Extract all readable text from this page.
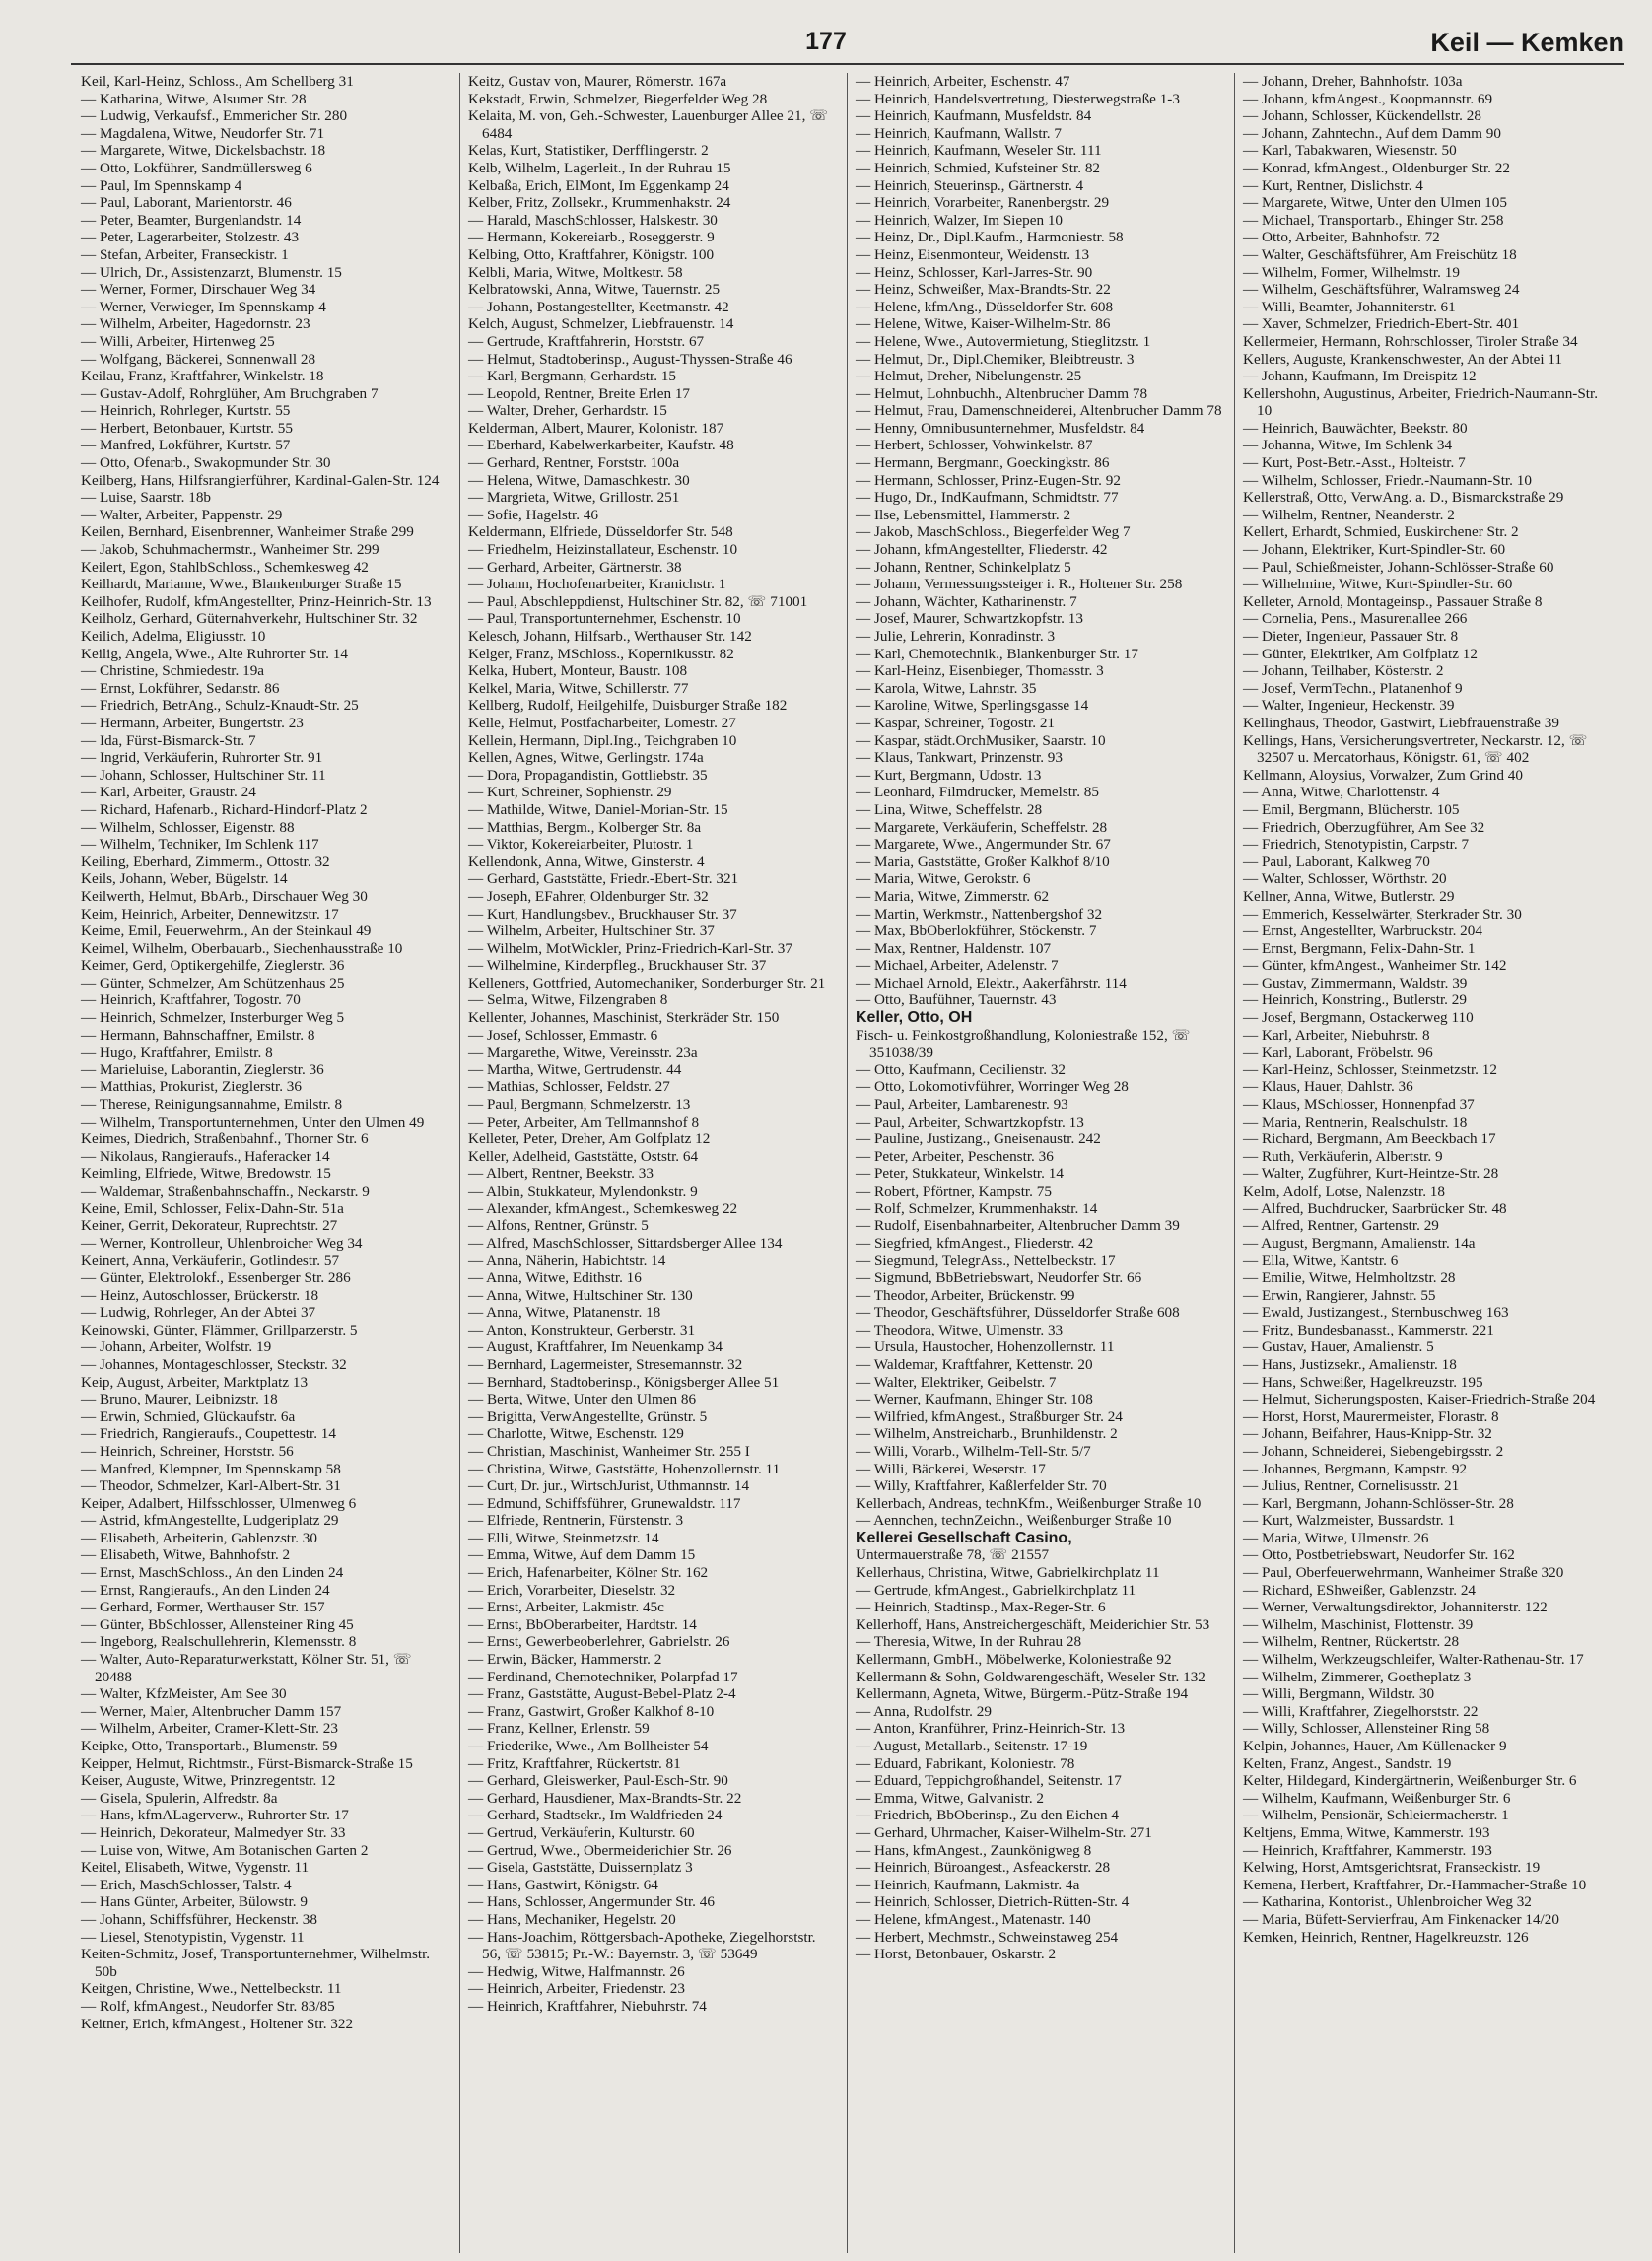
177	Keil — Kemken

Keil, Karl-Heinz, Schloss., Am Schellberg 31

— Katharina, Witwe, Alsumer Str. 28

— Ludwig, Verkaufsf., Emmericher Str. 280

— Magdalena, Witwe, Neudorfer Str. 71

— Margarete, Witwe, Dickelsbachstr. 18

— Otto, Lokführer, Sandmüllersweg 6

— Paul, Im Spennskamp 4

— Paul, Laborant, Marientorstr. 46

— Peter, Beamter, Burgenlandstr. 14

— Peter, Lagerarbeiter, Stolzestr. 43

— Stefan, Arbeiter, Franseckistr. 1

— Ulrich, Dr., Assistenzarzt, Blumenstr. 15

— Werner, Former, Dirschauer Weg 34

— Werner, Verwieger, Im Spennskamp 4

— Wilhelm, Arbeiter, Hagedornstr. 23

— Willi, Arbeiter, Hirtenweg 25

— Wolfgang, Bäckerei, Sonnenwall 28

Keilau, Franz, Kraftfahrer, Winkelstr. 18

— Gustav-Adolf, Rohrglüher, Am Bruchgraben 7

— Heinrich, Rohrleger, Kurtstr. 55

— Herbert, Betonbauer, Kurtstr. 55

— Manfred, Lokführer, Kurtstr. 57

— Otto, Ofenarb., Swakopmunder Str. 30

Keilberg, Hans, Hilfsrangierführer, Kardinal-Galen-Str. 124

— Luise, Saarstr. 18b

— Walter, Arbeiter, Pappenstr. 29

Keilen, Bernhard, Eisenbrenner, Wanheimer Straße 299

— Jakob, Schuhmachermstr., Wanheimer Str. 299

Keilert, Egon, StahlbSchloss., Schemkesweg 42

Keilhardt, Marianne, Wwe., Blankenburger Straße 15

Keilhofer, Rudolf, kfmAngestellter, Prinz-Heinrich-Str. 13

Keilholz, Gerhard, Güternahverkehr, Hultschiner Str. 32

Keilich, Adelma, Eligiusstr. 10

Keilig, Angela, Wwe., Alte Ruhrorter Str. 14

— Christine, Schmiedestr. 19a

— Ernst, Lokführer, Sedanstr. 86

— Friedrich, BetrAng., Schulz-Knaudt-Str. 25

— Hermann, Arbeiter, Bungertstr. 23

— Ida, Fürst-Bismarck-Str. 7

— Ingrid, Verkäuferin, Ruhrorter Str. 91

— Johann, Schlosser, Hultschiner Str. 11

— Karl, Arbeiter, Graustr. 24

— Richard, Hafenarb., Richard-Hindorf-Platz 2

— Wilhelm, Schlosser, Eigenstr. 88

— Wilhelm, Techniker, Im Schlenk 117

Keiling, Eberhard, Zimmerm., Ottostr. 32

Keils, Johann, Weber, Bügelstr. 14

Keilwerth, Helmut, BbArb., Dirschauer Weg 30

Keim, Heinrich, Arbeiter, Dennewitzstr. 17

Keime, Emil, Feuerwehrm., An der Steinkaul 49

Keimel, Wilhelm, Oberbauarb., Siechenhausstraße 10

Keimer, Gerd, Optikergehilfe, Zieglerstr. 36

— Günter, Schmelzer, Am Schützenhaus 25

— Heinrich, Kraftfahrer, Togostr. 70

— Heinrich, Schmelzer, Insterburger Weg 5

— Hermann, Bahnschaffner, Emilstr. 8

— Hugo, Kraftfahrer, Emilstr. 8

— Marieluise, Laborantin, Zieglerstr. 36

— Matthias, Prokurist, Zieglerstr. 36

— Therese, Reinigungsannahme, Emilstr. 8

— Wilhelm, Transportunternehmen, Unter den Ulmen 49

Keimes, Diedrich, Straßenbahnf., Thorner Str. 6

— Nikolaus, Rangieraufs., Haferacker 14

Keimling, Elfriede, Witwe, Bredowstr. 15

— Waldemar, Straßenbahnschaffn., Neckarstr. 9

Keine, Emil, Schlosser, Felix-Dahn-Str. 51a

Keiner, Gerrit, Dekorateur, Ruprechtstr. 27

— Werner, Kontrolleur, Uhlenbroicher Weg 34

Keinert, Anna, Verkäuferin, Gotlindestr. 57

— Günter, Elektrolokf., Essenberger Str. 286

— Heinz, Autoschlosser, Brückerstr. 18

— Ludwig, Rohrleger, An der Abtei 37

Keinowski, Günter, Flämmer, Grillparzerstr. 5

— Johann, Arbeiter, Wolfstr. 19

— Johannes, Montageschlosser, Steckstr. 32

Keip, August, Arbeiter, Marktplatz 13

— Bruno, Maurer, Leibnizstr. 18

— Erwin, Schmied, Glückaufstr. 6a

— Friedrich, Rangieraufs., Coupettestr. 14

— Heinrich, Schreiner, Horststr. 56

— Manfred, Klempner, Im Spennskamp 58

— Theodor, Schmelzer, Karl-Albert-Str. 31

Keiper, Adalbert, Hilfsschlosser, Ulmenweg 6

— Astrid, kfmAngestellte, Ludgeriplatz 29

— Elisabeth, Arbeiterin, Gablenzstr. 30

— Elisabeth, Witwe, Bahnhofstr. 2

— Ernst, MaschSchloss., An den Linden 24

— Ernst, Rangieraufs., An den Linden 24

— Gerhard, Former, Werthauser Str. 157

— Günter, BbSchlosser, Allensteiner Ring 45

— Ingeborg, Realschullehrerin, Klemensstr. 8

— Walter, Auto-Reparaturwerkstatt, Kölner Str. 51, ☏ 20488

— Walter, KfzMeister, Am See 30

— Werner, Maler, Altenbrucher Damm 157

— Wilhelm, Arbeiter, Cramer-Klett-Str. 23

Keipke, Otto, Transportarb., Blumenstr. 59

Keipper, Helmut, Richtmstr., Fürst-Bismarck-Straße 15

Keiser, Auguste, Witwe, Prinzregentstr. 12

— Gisela, Spulerin, Alfredstr. 8a

— Hans, kfmALagerverw., Ruhrorter Str. 17

— Heinrich, Dekorateur, Malmedyer Str. 33

— Luise von, Witwe, Am Botanischen Garten 2

Keitel, Elisabeth, Witwe, Vygenstr. 11

— Erich, MaschSchlosser, Talstr. 4

— Hans Günter, Arbeiter, Bülowstr. 9

— Johann, Schiffsführer, Heckenstr. 38

— Liesel, Stenotypistin, Vygenstr. 11

Keiten-Schmitz, Josef, Transportunternehmer, Wilhelmstr. 50b

Keitgen, Christine, Wwe., Nettelbeckstr. 11

— Rolf, kfmAngest., Neudorfer Str. 83/85

Keitner, Erich, kfmAngest., Holtener Str. 322

Keitz, Gustav von, Maurer, Römerstr. 167a

Kekstadt, Erwin, Schmelzer, Biegerfelder Weg 28

Kelaita, M. von, Geh.-Schwester, Lauenburger Allee 21, ☏ 6484

Kelas, Kurt, Statistiker, Derfflingerstr. 2

Kelb, Wilhelm, Lagerleit., In der Ruhrau 15

Kelbaßa, Erich, ElMont, Im Eggenkamp 24

Kelber, Fritz, Zollsekr., Krummenhakstr. 24

— Harald, MaschSchlosser, Halskestr. 30

— Hermann, Kokereiarb., Roseggerstr. 9

Kelbing, Otto, Kraftfahrer, Königstr. 100

Kelbli, Maria, Witwe, Moltkestr. 58

Kelbratowski, Anna, Witwe, Tauernstr. 25

— Johann, Postangestellter, Keetmanstr. 42

Kelch, August, Schmelzer, Liebfrauenstr. 14

— Gertrude, Kraftfahrerin, Horststr. 67

— Helmut, Stadtoberinsp., August-Thyssen-Straße 46

— Karl, Bergmann, Gerhardstr. 15

— Leopold, Rentner, Breite Erlen 17

— Walter, Dreher, Gerhardstr. 15

Kelderman, Albert, Maurer, Kolonistr. 187

— Eberhard, Kabelwerkarbeiter, Kaufstr. 48

— Gerhard, Rentner, Forststr. 100a

— Helena, Witwe, Damaschkestr. 30

— Margrieta, Witwe, Grillostr. 251

— Sofie, Hagelstr. 46

Keldermann, Elfriede, Düsseldorfer Str. 548

— Friedhelm, Heizinstallateur, Eschenstr. 10

— Gerhard, Arbeiter, Gärtnerstr. 38

— Johann, Hochofenarbeiter, Kranichstr. 1

— Paul, Abschleppdienst, Hultschiner Str. 82, ☏ 71001

— Paul, Transportunternehmer, Eschenstr. 10

Kelesch, Johann, Hilfsarb., Werthauser Str. 142

Kelger, Franz, MSchloss., Kopernikusstr. 82

Kelka, Hubert, Monteur, Baustr. 108

Kelkel, Maria, Witwe, Schillerstr. 77

Kellberg, Rudolf, Heilgehilfe, Duisburger Straße 182

Kelle, Helmut, Postfacharbeiter, Lomestr. 27

Kellein, Hermann, Dipl.Ing., Teichgraben 10

Kellen, Agnes, Witwe, Gerlingstr. 174a

— Dora, Propagandistin, Gottliebstr. 35

— Kurt, Schreiner, Sophienstr. 29

— Mathilde, Witwe, Daniel-Morian-Str. 15

— Matthias, Bergm., Kolberger Str. 8a

— Viktor, Kokereiarbeiter, Plutostr. 1

Kellendonk, Anna, Witwe, Ginsterstr. 4

— Gerhard, Gaststätte, Friedr.-Ebert-Str. 321

— Joseph, EFahrer, Oldenburger Str. 32

— Kurt, Handlungsbev., Bruckhauser Str. 37

— Wilhelm, Arbeiter, Hultschiner Str. 37

— Wilhelm, MotWickler, Prinz-Friedrich-Karl-Str. 37

— Wilhelmine, Kinderpfleg., Bruckhauser Str. 37

Kelleners, Gottfried, Automechaniker, Sonderburger Str. 21

— Selma, Witwe, Filzengraben 8

Kellenter, Johannes, Maschinist, Sterkräder Str. 150

— Josef, Schlosser, Emmastr. 6

— Margarethe, Witwe, Vereinsstr. 23a

— Martha, Witwe, Gertrudenstr. 44

— Mathias, Schlosser, Feldstr. 27

— Paul, Bergmann, Schmelzerstr. 13

— Peter, Arbeiter, Am Tellmannshof 8

Kelleter, Peter, Dreher, Am Golfplatz 12

Keller, Adelheid, Gaststätte, Oststr. 64

— Albert, Rentner, Beekstr. 33

— Albin, Stukkateur, Mylendonkstr. 9

— Alexander, kfmAngest., Schemkesweg 22

— Alfons, Rentner, Grünstr. 5

— Alfred, MaschSchlosser, Sittardsberger Allee 134

— Anna, Näherin, Habichtstr. 14

— Anna, Witwe, Edithstr. 16

— Anna, Witwe, Hultschiner Str. 130

— Anna, Witwe, Platanenstr. 18

— Anton, Konstrukteur, Gerberstr. 31

— August, Kraftfahrer, Im Neuenkamp 34

— Bernhard, Lagermeister, Stresemannstr. 32

— Bernhard, Stadtoberinsp., Königsberger Allee 51

— Berta, Witwe, Unter den Ulmen 86

— Brigitta, VerwAngestellte, Grünstr. 5

— Charlotte, Witwe, Eschenstr. 129

— Christian, Maschinist, Wanheimer Str. 255 I

— Christina, Witwe, Gaststätte, Hohenzollernstr. 11

— Curt, Dr. jur., WirtschJurist, Uthmannstr. 14

— Edmund, Schiffsführer, Grunewaldstr. 117

— Elfriede, Rentnerin, Fürstenstr. 3

— Elli, Witwe, Steinmetzstr. 14

— Emma, Witwe, Auf dem Damm 15

— Erich, Hafenarbeiter, Kölner Str. 162

— Erich, Vorarbeiter, Dieselstr. 32

— Ernst, Arbeiter, Lakmistr. 45c

— Ernst, BbOberarbeiter, Hardtstr. 14

— Ernst, Gewerbeoberlehrer, Gabrielstr. 26

— Erwin, Bäcker, Hammerstr. 2

— Ferdinand, Chemotechniker, Polarpfad 17

— Franz, Gaststätte, August-Bebel-Platz 2-4

— Franz, Gastwirt, Großer Kalkhof 8-10

— Franz, Kellner, Erlenstr. 59

— Friederike, Wwe., Am Bollheister 54

— Fritz, Kraftfahrer, Rückertstr. 81

— Gerhard, Gleiswerker, Paul-Esch-Str. 90

— Gerhard, Hausdiener, Max-Brandts-Str. 22

— Gerhard, Stadtsekr., Im Waldfrieden 24

— Gertrud, Verkäuferin, Kulturstr. 60

— Gertrud, Wwe., Obermeiderichier Str. 26

— Gisela, Gaststätte, Duissernplatz 3

— Hans, Gastwirt, Königstr. 64

— Hans, Schlosser, Angermunder Str. 46

— Hans, Mechaniker, Hegelstr. 20

— Hans-Joachim, Röttgersbach-Apotheke, Ziegelhorststr. 56, ☏ 53815; Pr.-W.: Bayernstr. 3, ☏ 53649

— Hedwig, Witwe, Halfmannstr. 26

— Heinrich, Arbeiter, Friedenstr. 23

— Heinrich, Kraftfahrer, Niebuhrstr. 74

— Heinrich, Arbeiter, Eschenstr. 47

— Heinrich, Handelsvertretung, Diesterwegstraße 1-3

— Heinrich, Kaufmann, Musfeldstr. 84

— Heinrich, Kaufmann, Wallstr. 7

— Heinrich, Kaufmann, Weseler Str. 111

— Heinrich, Schmied, Kufsteiner Str. 82

— Heinrich, Steuerinsp., Gärtnerstr. 4

— Heinrich, Vorarbeiter, Ranenbergstr. 29

— Heinrich, Walzer, Im Siepen 10

— Heinz, Dr., Dipl.Kaufm., Harmoniestr. 58

— Heinz, Eisenmonteur, Weidenstr. 13

— Heinz, Schlosser, Karl-Jarres-Str. 90

— Heinz, Schweißer, Max-Brandts-Str. 22

— Helene, kfmAng., Düsseldorfer Str. 608

— Helene, Witwe, Kaiser-Wilhelm-Str. 86

— Helene, Wwe., Autovermietung, Stieglitzstr. 1

— Helmut, Dr., Dipl.Chemiker, Bleibtreustr. 3

— Helmut, Dreher, Nibelungenstr. 25

— Helmut, Lohnbuchh., Altenbrucher Damm 78

— Helmut, Frau, Damenschneiderei, Altenbrucher Damm 78

— Henny, Omnibusunternehmer, Musfeldstr. 84

— Herbert, Schlosser, Vohwinkelstr. 87

— Hermann, Bergmann, Goeckingkstr. 86

— Hermann, Schlosser, Prinz-Eugen-Str. 92

— Hugo, Dr., IndKaufmann, Schmidtstr. 77

— Ilse, Lebensmittel, Hammerstr. 2

— Jakob, MaschSchloss., Biegerfelder Weg 7

— Johann, kfmAngestellter, Fliederstr. 42

— Johann, Rentner, Schinkelplatz 5

— Johann, Vermessungssteiger i. R., Holtener Str. 258

— Johann, Wächter, Katharinenstr. 7

— Josef, Maurer, Schwartzkopfstr. 13

— Julie, Lehrerin, Konradinstr. 3

— Karl, Chemotechnik., Blankenburger Str. 17

— Karl-Heinz, Eisenbieger, Thomasstr. 3

— Karola, Witwe, Lahnstr. 35

— Karoline, Witwe, Sperlingsgasse 14

— Kaspar, Schreiner, Togostr. 21

— Kaspar, städt.OrchMusiker, Saarstr. 10

— Klaus, Tankwart, Prinzenstr. 93

— Kurt, Bergmann, Udostr. 13

— Leonhard, Filmdrucker, Memelstr. 85

— Lina, Witwe, Scheffelstr. 28

— Margarete, Verkäuferin, Scheffelstr. 28

— Margarete, Wwe., Angermunder Str. 67

— Maria, Gaststätte, Großer Kalkhof 8/10

— Maria, Witwe, Gerokstr. 6

— Maria, Witwe, Zimmerstr. 62

— Martin, Werkmstr., Nattenbergshof 32

— Max, BbOberlokführer, Stöckenstr. 7

— Max, Rentner, Haldenstr. 107

— Michael, Arbeiter, Adelenstr. 7

— Michael Arnold, Elektr., Aakerfährstr. 114

— Otto, Baufühner, Tauernstr. 43

Keller, Otto, OH

Fisch- u. Feinkostgroßhandlung, Koloniestraße 152, ☏ 351038/39

— Otto, Kaufmann, Cecilienstr. 32

— Otto, Lokomotivführer, Worringer Weg 28

— Paul, Arbeiter, Lambarenestr. 93

— Paul, Arbeiter, Schwartzkopfstr. 13

— Pauline, Justizang., Gneisenaustr. 242

— Peter, Arbeiter, Peschenstr. 36

— Peter, Stukkateur, Winkelstr. 14

— Robert, Pförtner, Kampstr. 75

— Rolf, Schmelzer, Krummenhakstr. 14

— Rudolf, Eisenbahnarbeiter, Altenbrucher Damm 39

— Siegfried, kfmAngest., Fliederstr. 42

— Siegmund, TelegrAss., Nettelbeckstr. 17

— Sigmund, BbBetriebswart, Neudorfer Str. 66

— Theodor, Arbeiter, Brückenstr. 99

— Theodor, Geschäftsführer, Düsseldorfer Straße 608

— Theodora, Witwe, Ulmenstr. 33

— Ursula, Haustocher, Hohenzollernstr. 11

— Waldemar, Kraftfahrer, Kettenstr. 20

— Walter, Elektriker, Geibelstr. 7

— Werner, Kaufmann, Ehinger Str. 108

— Wilfried, kfmAngest., Straßburger Str. 24

— Wilhelm, Anstreicharb., Brunhildenstr. 2

— Willi, Vorarb., Wilhelm-Tell-Str. 5/7

— Willi, Bäckerei, Weserstr. 17

— Willy, Kraftfahrer, Kaßlerfelder Str. 70

Kellerbach, Andreas, technKfm., Weißenburger Straße 10

— Aennchen, technZeichn., Weißenburger Straße 10

Kellerei Gesellschaft Casino,

Untermauerstraße 78, ☏ 21557

Kellerhaus, Christina, Witwe, Gabrielkirchplatz 11

— Gertrude, kfmAngest., Gabrielkirchplatz 11

— Heinrich, Stadtinsp., Max-Reger-Str. 6

Kellerhoff, Hans, Anstreichergeschäft, Meiderichier Str. 53

— Theresia, Witwe, In der Ruhrau 28

Kellermann, GmbH., Möbelwerke, Koloniestraße 92

Kellermann & Sohn, Goldwarengeschäft, Weseler Str. 132

Kellermann, Agneta, Witwe, Bürgerm.-Pütz-Straße 194

— Anna, Rudolfstr. 29

— Anton, Kranführer, Prinz-Heinrich-Str. 13

— August, Metallarb., Seitenstr. 17-19

— Eduard, Fabrikant, Koloniestr. 78

— Eduard, Teppichgroßhandel, Seitenstr. 17

— Emma, Witwe, Galvanistr. 2

— Friedrich, BbOberinsp., Zu den Eichen 4

— Gerhard, Uhrmacher, Kaiser-Wilhelm-Str. 271

— Hans, kfmAngest., Zaunkönigweg 8

— Heinrich, Büroangest., Asfeackerstr. 28

— Heinrich, Kaufmann, Lakmistr. 4a

— Heinrich, Schlosser, Dietrich-Rütten-Str. 4

— Helene, kfmAngest., Matenastr. 140

— Herbert, Mechmstr., Schweinstaweg 254

— Horst, Betonbauer, Oskarstr. 2

— Johann, Dreher, Bahnhofstr. 103a

— Johann, kfmAngest., Koopmannstr. 69

— Johann, Schlosser, Kückendellstr. 28

— Johann, Zahntechn., Auf dem Damm 90

— Karl, Tabakwaren, Wiesenstr. 50

— Konrad, kfmAngest., Oldenburger Str. 22

— Kurt, Rentner, Dislichstr. 4

— Margarete, Witwe, Unter den Ulmen 105

— Michael, Transportarb., Ehinger Str. 258

— Otto, Arbeiter, Bahnhofstr. 72

— Walter, Geschäftsführer, Am Freischütz 18

— Wilhelm, Former, Wilhelmstr. 19

— Wilhelm, Geschäftsführer, Walramsweg 24

— Willi, Beamter, Johanniterstr. 61

— Xaver, Schmelzer, Friedrich-Ebert-Str. 401

Kellermeier, Hermann, Rohrschlosser, Tiroler Straße 34

Kellers, Auguste, Krankenschwester, An der Abtei 11

— Johann, Kaufmann, Im Dreispitz 12

Kellershohn, Augustinus, Arbeiter, Friedrich-Naumann-Str. 10

— Heinrich, Bauwächter, Beekstr. 80

— Johanna, Witwe, Im Schlenk 34

— Kurt, Post-Betr.-Asst., Holteistr. 7

— Wilhelm, Schlosser, Friedr.-Naumann-Str. 10

Kellerstraß, Otto, VerwAng. a. D., Bismarckstraße 29

— Wilhelm, Rentner, Neanderstr. 2

Kellert, Erhardt, Schmied, Euskirchener Str. 2

— Johann, Elektriker, Kurt-Spindler-Str. 60

— Paul, Schießmeister, Johann-Schlösser-Straße 60

— Wilhelmine, Witwe, Kurt-Spindler-Str. 60

Kelleter, Arnold, Montageinsp., Passauer Straße 8

— Cornelia, Pens., Masurenallee 266

— Dieter, Ingenieur, Passauer Str. 8

— Günter, Elektriker, Am Golfplatz 12

— Johann, Teilhaber, Kösterstr. 2

— Josef, VermTechn., Platanenhof 9

— Walter, Ingenieur, Heckenstr. 39

Kellinghaus, Theodor, Gastwirt, Liebfrauenstraße 39

Kellings, Hans, Versicherungsvertreter, Neckarstr. 12, ☏ 32507 u. Mercatorhaus, Königstr. 61, ☏ 402

Kellmann, Aloysius, Vorwalzer, Zum Grind 40

— Anna, Witwe, Charlottenstr. 4

— Emil, Bergmann, Blücherstr. 105

— Friedrich, Oberzugführer, Am See 32

— Friedrich, Stenotypistin, Carpstr. 7

— Paul, Laborant, Kalkweg 70

— Walter, Schlosser, Wörthstr. 20

Kellner, Anna, Witwe, Butlerstr. 29

— Emmerich, Kesselwärter, Sterkrader Str. 30

— Ernst, Angestellter, Warbruckstr. 204

— Ernst, Bergmann, Felix-Dahn-Str. 1

— Günter, kfmAngest., Wanheimer Str. 142

— Gustav, Zimmermann, Waldstr. 39

— Heinrich, Konstring., Butlerstr. 29

— Josef, Bergmann, Ostackerweg 110

— Karl, Arbeiter, Niebuhrstr. 8

— Karl, Laborant, Fröbelstr. 96

— Karl-Heinz, Schlosser, Steinmetzstr. 12

— Klaus, Hauer, Dahlstr. 36

— Klaus, MSchlosser, Honnenpfad 37

— Maria, Rentnerin, Realschulstr. 18

— Richard, Bergmann, Am Beeckbach 17

— Ruth, Verkäuferin, Albertstr. 9

— Walter, Zugführer, Kurt-Heintze-Str. 28

Kelm, Adolf, Lotse, Nalenzstr. 18

— Alfred, Buchdrucker, Saarbrücker Str. 48

— Alfred, Rentner, Gartenstr. 29

— August, Bergmann, Amalienstr. 14a

— Ella, Witwe, Kantstr. 6

— Emilie, Witwe, Helmholtzstr. 28

— Erwin, Rangierer, Jahnstr. 55

— Ewald, Justizangest., Sternbuschweg 163

— Fritz, Bundesbanasst., Kammerstr. 221

— Gustav, Hauer, Amalienstr. 5

— Hans, Justizsekr., Amalienstr. 18

— Hans, Schweißer, Hagelkreuzstr. 195

— Helmut, Sicherungsposten, Kaiser-Friedrich-Straße 204

— Horst, Horst, Maurermeister, Florastr. 8

— Johann, Beifahrer, Haus-Knipp-Str. 32

— Johann, Schneiderei, Siebengebirgsstr. 2

— Johannes, Bergmann, Kampstr. 92

— Julius, Rentner, Cornelisusstr. 21

— Karl, Bergmann, Johann-Schlösser-Str. 28

— Kurt, Walzmeister, Bussardstr. 1

— Maria, Witwe, Ulmenstr. 26

— Otto, Postbetriebswart, Neudorfer Str. 162

— Paul, Oberfeuerwehrmann, Wanheimer Straße 320

— Richard, EShweißer, Gablenzstr. 24

— Werner, Verwaltungsdirektor, Johanniterstr. 122

— Wilhelm, Maschinist, Flottenstr. 39

— Wilhelm, Rentner, Rückertstr. 28

— Wilhelm, Werkzeugschleifer, Walter-Rathenau-Str. 17

— Wilhelm, Zimmerer, Goetheplatz 3

— Willi, Bergmann, Wildstr. 30

— Willi, Kraftfahrer, Ziegelhorststr. 22

— Willy, Schlosser, Allensteiner Ring 58

Kelpin, Johannes, Hauer, Am Küllenacker 9

Kelten, Franz, Angest., Sandstr. 19

Kelter, Hildegard, Kindergärtnerin, Weißenburger Str. 6

— Wilhelm, Kaufmann, Weißenburger Str. 6

— Wilhelm, Pensionär, Schleiermacherstr. 1

Keltjens, Emma, Witwe, Kammerstr. 193

— Heinrich, Kraftfahrer, Kammerstr. 193

Kelwing, Horst, Amtsgerichtsrat, Franseckistr. 19

Kemena, Herbert, Kraftfahrer, Dr.-Hammacher-Straße 10

— Katharina, Kontorist., Uhlenbroicher Weg 32

— Maria, Büfett-Servierfrau, Am Finkenacker 14/20

Kemken, Heinrich, Rentner, Hagelkreuzstr. 126
